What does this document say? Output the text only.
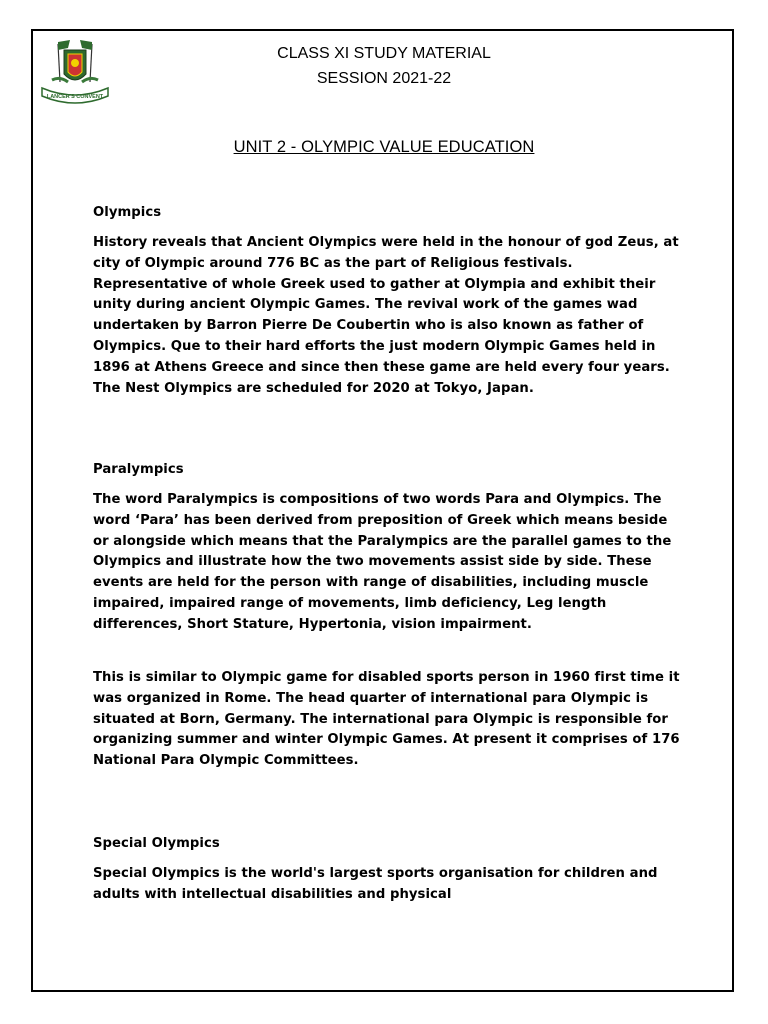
LANCER'S CONVENT
CLASS XI STUDY MATERIAL
SESSION 2021-22
UNIT 2 - OLYMPIC VALUE EDUCATION
Olympics

History reveals that Ancient Olympics were held in the honour of god Zeus, at city of Olympic around 776 BC as the part of Religious festivals. Representative of whole Greek used to gather at Olympia and exhibit their unity during ancient Olympic Games. The revival work of the games wad undertaken by Barron Pierre De Coubertin who is also known as father of Olympics. Que to their hard efforts the just modern Olympic Games held in 1896 at Athens Greece and since then these game are held every four years. The Nest Olympics are scheduled for 2020 at Tokyo, Japan.

Paralympics

The word Paralympics is compositions of two words Para and Olympics. The word ‘Para’ has been derived from preposition of Greek which means beside or alongside which means that the Paralympics are the parallel games to the Olympics and illustrate how the two movements assist side by side. These events are held for the person with range of disabilities, including muscle impaired, impaired range of movements, limb deficiency, Leg length differences, Short Stature, Hypertonia, vision impairment.

This is similar to Olympic game for disabled sports person in 1960 first time it was organized in Rome. The head quarter of international para Olympic is situated at Born, Germany. The international para Olympic is responsible for organizing summer and winter Olympic Games. At present it comprises of 176 National Para Olympic Committees.

Special Olympics

Special Olympics is the world's largest sports organisation for children and adults with intellectual disabilities and physical
